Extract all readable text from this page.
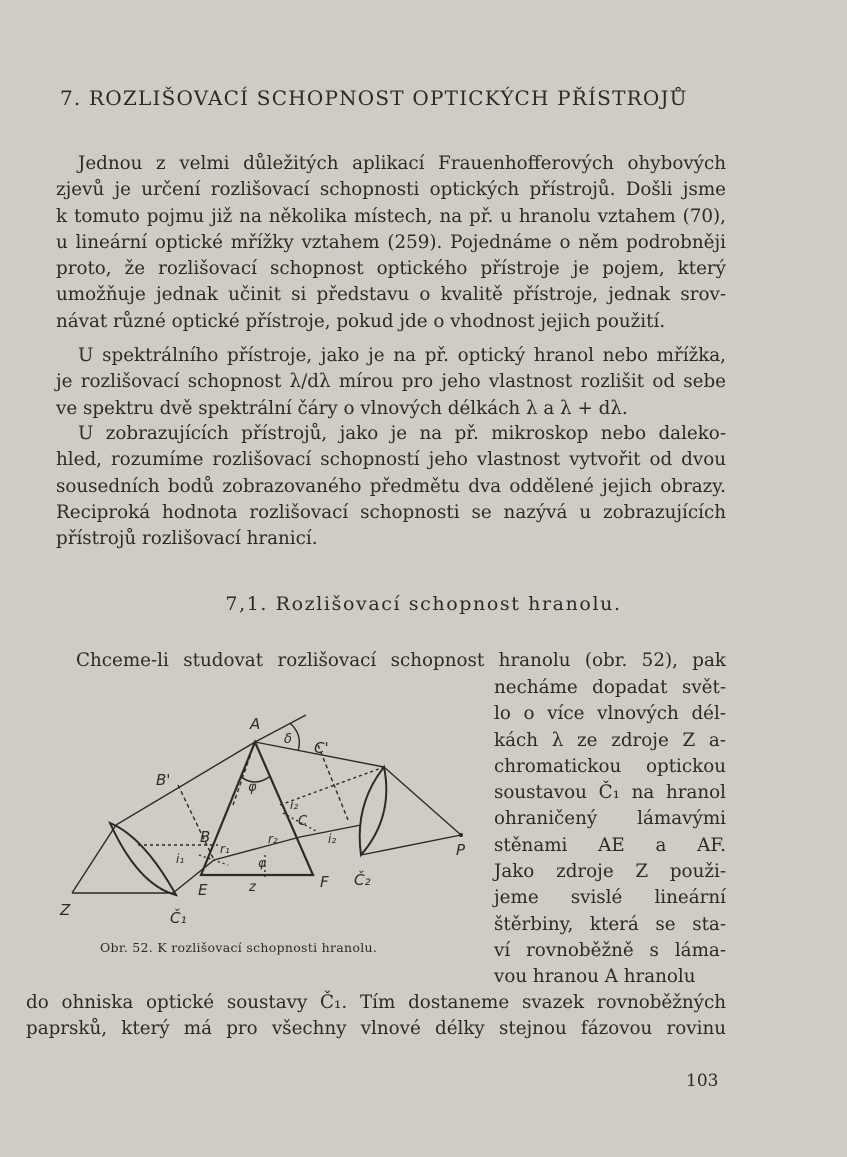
7. ROZLIŠOVACÍ SCHOPNOST OPTICKÝCH PŘÍSTROJŮ
Jednou z velmi důležitých aplikací Frauenhofferových ohybových
zjevů je určení rozlišovací schopnosti optických přístrojů. Došli jsme
k tomuto pojmu již na několika místech, na př. u hranolu vztahem (70),
u lineární optické mřížky vztahem (259). Pojednáme o něm podrobněji
proto, že rozlišovací schopnost optického přístroje je pojem, který
umožňuje jednak učinit si představu o kvalitě přístroje, jednak srov-
návat různé optické přístroje, pokud jde o vhodnost jejich použití.
U spektrálního přístroje, jako je na př. optický hranol nebo mřížka,
je rozlišovací schopnost λ/dλ mírou pro jeho vlastnost rozlišit od sebe
ve spektru dvě spektrální čáry o vlnových délkách λ a λ + dλ.
U zobrazujících přístrojů, jako je na př. mikroskop nebo daleko-
hled, rozumíme rozlišovací schopností jeho vlastnost vytvořit od dvou
sousedních bodů zobrazovaného předmětu dva oddělené jejich obrazy.
Reciproká hodnota rozlišovací schopnosti se nazývá u zobrazujících
přístrojů rozlišovací hranicí.
7,1. Rozlišovací schopnost hranolu.
Chceme-li studovat rozlišovací schopnost hranolu (obr. 52), pak
necháme dopadat svět-
lo o více vlnových dél-
kách λ ze zdroje Z a-
chromatickou optickou
soustavou Č₁ na hranol
ohraničený lámavými
stěnami AE a AF.
Jako zdroje Z použi-
jeme svislé lineární
štěrbiny, která se sta-
ví rovnoběžně s láma-
vou hranou A hranolu
A
δ C'
B'	φ
B
C
i₁
r₁
r₂
i₂
i₂
φ
E	F
z
Z
P
Č₁
Č₂
Obr. 52. K rozlišovací schopnosti hranolu.
do ohniska optické soustavy Č₁. Tím dostaneme svazek rovnoběžných
paprsků, který má pro všechny vlnové délky stejnou fázovou rovinu
103
